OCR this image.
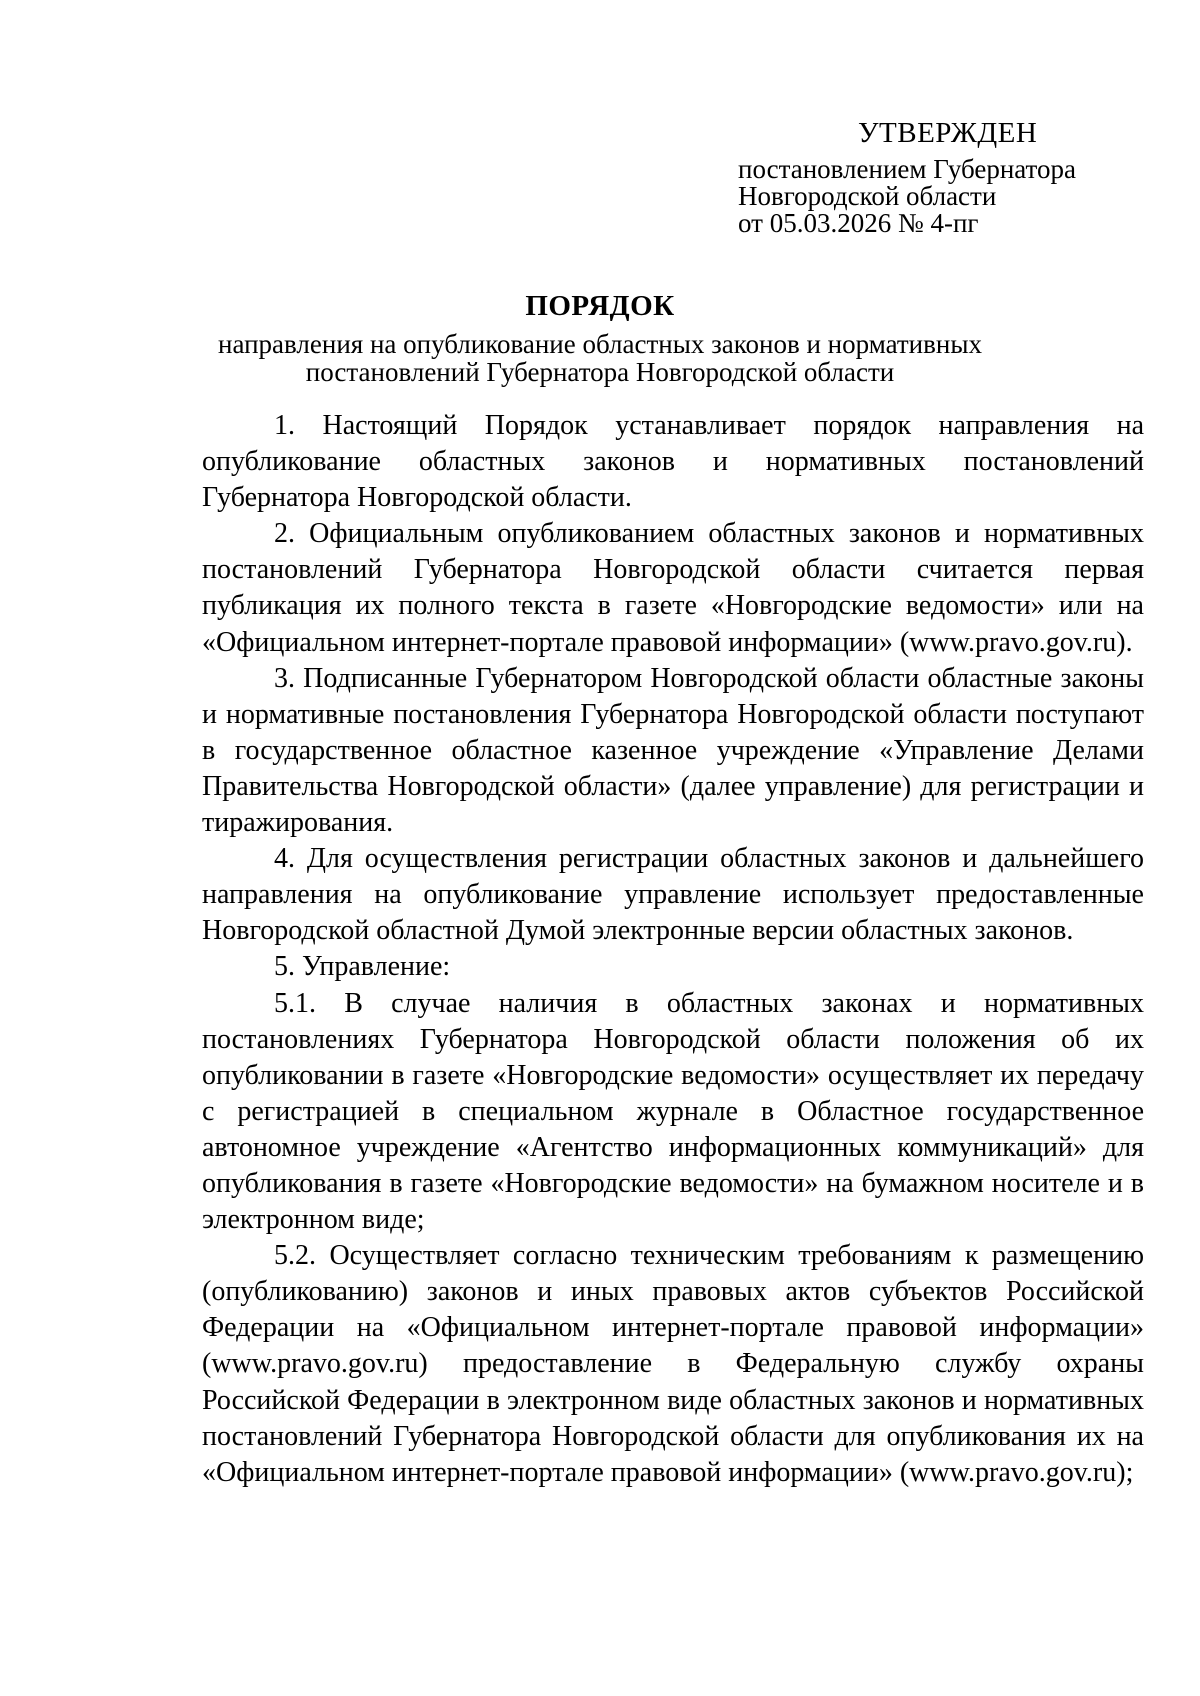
УТВЕРЖДЕН
постановлением Губернатора
Новгородской области
от 05.03.2026 № 4-пг
ПОРЯДОК
направления на опубликование областных законов и нормативных
постановлений Губернатора Новгородской области

1. Настоящий Порядок устанавливает порядок направления на опубликование областных законов и нормативных постановлений Губернатора Новгородской области.

2. Официальным опубликованием областных законов и нормативных постановлений Губернатора Новгородской области считается первая публикация их полного текста в газете «Новгородские ведомости» или на «Официальном интернет-портале правовой информации» (www.pravo.gov.ru).

3. Подписанные Губернатором Новгородской области областные законы и нормативные постановления Губернатора Новгородской области поступают в государственное областное казенное учреждение «Управление Делами Правительства Новгородской области» (далее управление) для регистрации и тиражирования.

4. Для осуществления регистрации областных законов и дальнейшего направления на опубликование управление использует предоставленные Новгородской областной Думой электронные версии областных законов.

5. Управление:

5.1. В случае наличия в областных законах и нормативных постановлениях Губернатора Новгородской области положения об их опубликовании в газете «Новгородские ведомости» осуществляет их передачу с регистрацией в специальном журнале в Областное государственное автономное учреждение «Агентство информационных коммуникаций» для опубликования в газете «Новгородские ведомости» на бумажном носителе и в электронном виде;

5.2. Осуществляет согласно техническим требованиям к размещению (опубликованию) законов и иных правовых актов субъектов Российской Федерации на «Официальном интернет-портале правовой информации» (www.pravo.gov.ru) предоставление в Федеральную службу охраны Российской Федерации в электронном виде областных законов и нормативных постановлений Губернатора Новгородской области для опубликования их на «Официальном интернет-портале правовой информации» (www.pravo.gov.ru);
